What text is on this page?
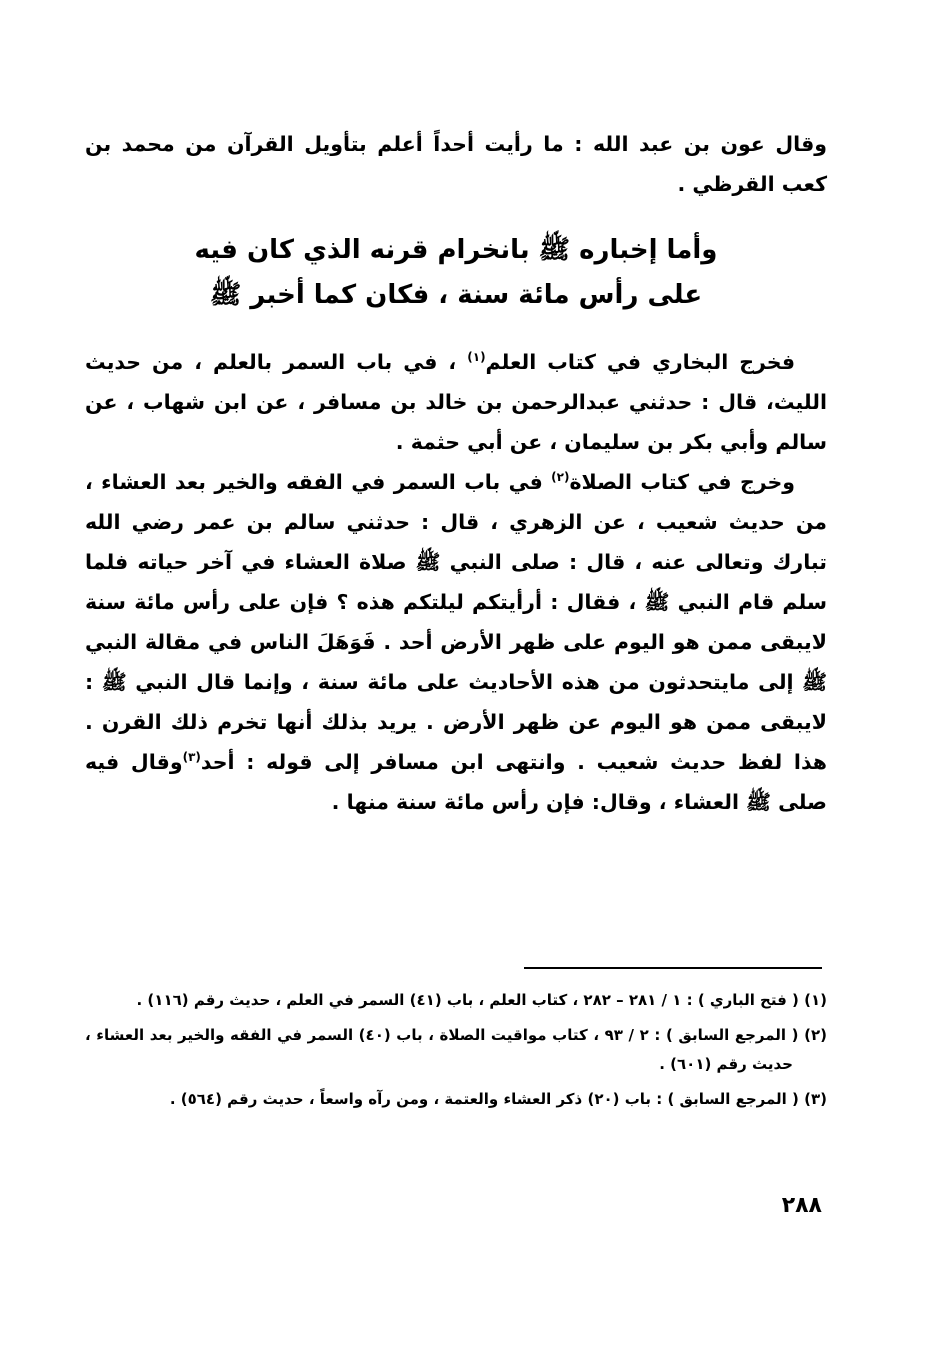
وقال عون بن عبد الله : ما رأيت أحداً أعلم بتأويل القرآن من محمد بن كعب القرظي .

وأما إخباره ﷺ بانخرام قرنه الذي كان فيه
على رأس مائة سنة ، فكان كما أخبر ﷺ

فخرج البخاري في كتاب العلم$^{(١)}$ ، في باب السمر بالعلم ، من حديث الليث، قال : حدثني عبدالرحمن بن خالد بن مسافر ، عن ابن شهاب ، عن سالم وأبي بكر بن سليمان ، عن أبي حثمة .

وخرج في كتاب الصلاة$^{(٢)}$ في باب السمر في الفقه والخير بعد العشاء ، من حديث شعيب ، عن الزهري ، قال : حدثني سالم بن عمر رضي الله تبارك وتعالى عنه ، قال : صلى النبي ﷺ صلاة العشاء في آخر حياته فلما سلم قام النبي ﷺ ، فقال : أرأيتكم ليلتكم هذه ؟ فإن على رأس مائة سنة لايبقى ممن هو اليوم على ظهر الأرض أحد . فَوَهَلَ الناس في مقالة النبي ﷺ إلى مايتحدثون من هذه الأحاديث على مائة سنة ، وإنما قال النبي ﷺ : لايبقى ممن هو اليوم عن ظهر الأرض . يريد بذلك أنها تخرم ذلك القرن . هذا لفظ حديث شعيب . وانتهى ابن مسافر إلى قوله : أحد$^{(٣)}$وقال فيه صلى ﷺ العشاء ، وقال: فإن رأس مائة سنة منها .

(١) ( فتح الباري ) : ١ / ٢٨١ – ٢٨٢ ، كتاب العلم ، باب (٤١) السمر في العلم ، حديث رقم (١١٦) .

(٢) ( المرجع السابق ) : ٢ / ٩٣ ، كتاب مواقيت الصلاة ، باب (٤٠) السمر في الفقه والخير بعد العشاء ، حديث رقم (٦٠١) .

(٣) ( المرجع السابق ) : باب (٢٠) ذكر العشاء والعتمة ، ومن رآه واسعاً ، حديث رقم (٥٦٤) .

٢٨٨
